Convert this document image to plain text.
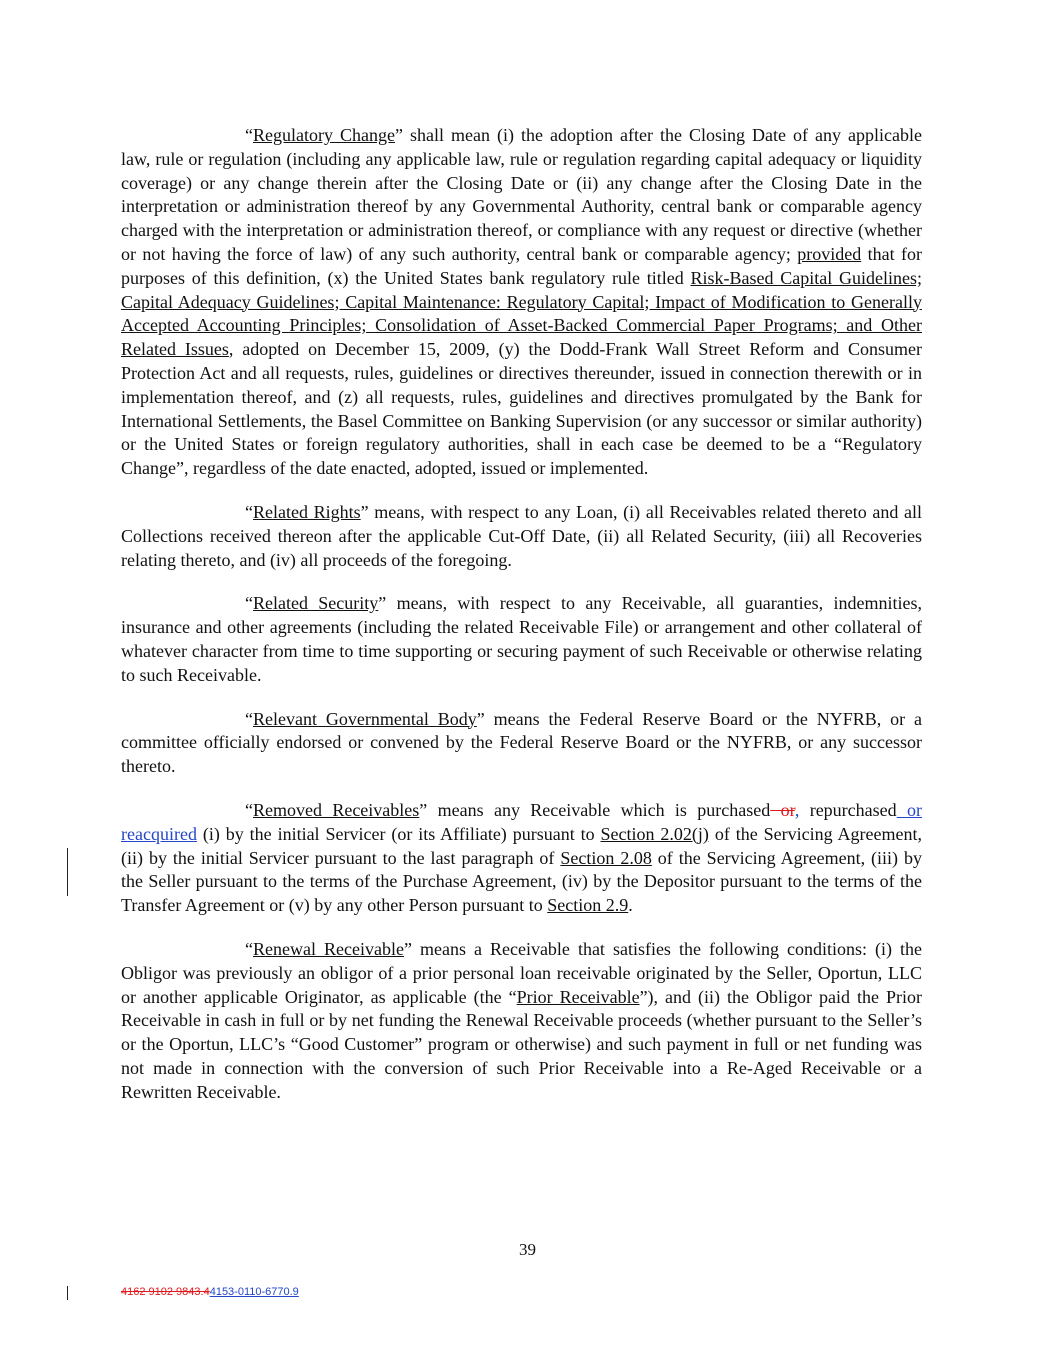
“Regulatory Change” shall mean (i) the adoption after the Closing Date of any applicable law, rule or regulation (including any applicable law, rule or regulation regarding capital adequacy or liquidity coverage) or any change therein after the Closing Date or (ii) any change after the Closing Date in the interpretation or administration thereof by any Governmental Authority, central bank or comparable agency charged with the interpretation or administration thereof, or compliance with any request or directive (whether or not having the force of law) of any such authority, central bank or comparable agency; provided that for purposes of this definition, (x) the United States bank regulatory rule titled Risk-Based Capital Guidelines; Capital Adequacy Guidelines; Capital Maintenance: Regulatory Capital; Impact of Modification to Generally Accepted Accounting Principles; Consolidation of Asset-Backed Commercial Paper Programs; and Other Related Issues, adopted on December 15, 2009, (y) the Dodd-Frank Wall Street Reform and Consumer Protection Act and all requests, rules, guidelines or directives thereunder, issued in connection therewith or in implementation thereof, and (z) all requests, rules, guidelines and directives promulgated by the Bank for International Settlements, the Basel Committee on Banking Supervision (or any successor or similar authority) or the United States or foreign regulatory authorities, shall in each case be deemed to be a “Regulatory Change”, regardless of the date enacted, adopted, issued or implemented.

“Related Rights” means, with respect to any Loan, (i) all Receivables related thereto and all Collections received thereon after the applicable Cut-Off Date, (ii) all Related Security, (iii) all Recoveries relating thereto, and (iv) all proceeds of the foregoing.

“Related Security” means, with respect to any Receivable, all guaranties, indemnities, insurance and other agreements (including the related Receivable File) or arrangement and other collateral of whatever character from time to time supporting or securing payment of such Receivable or otherwise relating to such Receivable.

“Relevant Governmental Body” means the Federal Reserve Board or the NYFRB, or a committee officially endorsed or convened by the Federal Reserve Board or the NYFRB, or any successor thereto.

“Removed Receivables” means any Receivable which is purchased or, repurchased or reacquired (i) by the initial Servicer (or its Affiliate) pursuant to Section 2.02(j) of the Servicing Agreement, (ii) by the initial Servicer pursuant to the last paragraph of Section 2.08 of the Servicing Agreement, (iii) by the Seller pursuant to the terms of the Purchase Agreement, (iv) by the Depositor pursuant to the terms of the Transfer Agreement or (v) by any other Person pursuant to Section 2.9.

“Renewal Receivable” means a Receivable that satisfies the following conditions: (i) the Obligor was previously an obligor of a prior personal loan receivable originated by the Seller, Oportun, LLC or another applicable Originator, as applicable (the “Prior Receivable”), and (ii) the Obligor paid the Prior Receivable in cash in full or by net funding the Renewal Receivable proceeds (whether pursuant to the Seller’s or the Oportun, LLC’s “Good Customer” program or otherwise) and such payment in full or net funding was not made in connection with the conversion of such Prior Receivable into a Re-Aged Receivable or a Rewritten Receivable.

39
4162 9102 9843.44153-0110-6770.9
